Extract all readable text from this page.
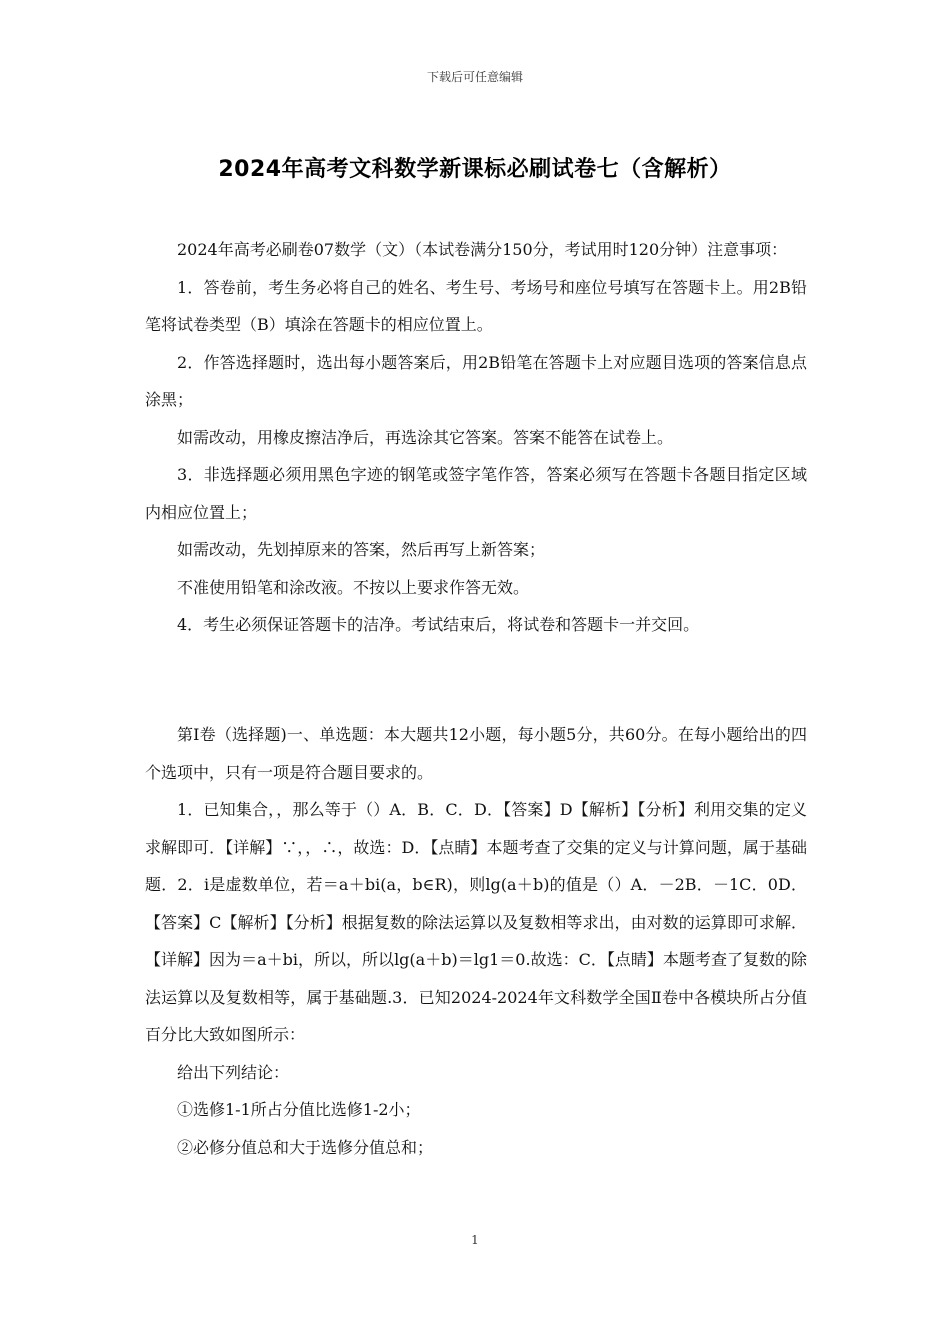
下载后可任意编辑
2024年高考文科数学新课标必刷试卷七（含解析）

2024年高考必刷卷07数学（文）（本试卷满分150分，考试用时120分钟）注意事项：

1．答卷前，考生务必将自己的姓名、考生号、考场号和座位号填写在答题卡上。用2B铅笔将试卷类型（B）填涂在答题卡的相应位置上。

2．作答选择题时，选出每小题答案后，用2B铅笔在答题卡上对应题目选项的答案信息点涂黑；

如需改动，用橡皮擦洁净后，再选涂其它答案。答案不能答在试卷上。

3．非选择题必须用黑色字迹的钢笔或签字笔作答，答案必须写在答题卡各题目指定区域内相应位置上；

如需改动，先划掉原来的答案，然后再写上新答案；

不准使用铅笔和涂改液。不按以上要求作答无效。

4．考生必须保证答题卡的洁净。考试结束后，将试卷和答题卡一并交回。

第Ⅰ卷（选择题)一、单选题：本大题共12小题，每小题5分，共60分。在每小题给出的四个选项中，只有一项是符合题目要求的。

1．已知集合，，那么等于（）A．B．C．D．【答案】D【解析】【分析】利用交集的定义求解即可．【详解】∵，，∴，故选：D．【点睛】本题考查了交集的定义与计算问题，属于基础题．2．i是虚数单位，若＝a＋bi(a，b∈R)，则lg(a＋b)的值是（）A．－2B．－1C．0D．【答案】C【解析】【分析】根据复数的除法运算以及复数相等求出，由对数的运算即可求解．【详解】因为＝a＋bi，所以，所以lg(a＋b)＝lg1＝0.故选：C．【点睛】本题考查了复数的除法运算以及复数相等，属于基础题.3．已知2024-2024年文科数学全国Ⅱ卷中各模块所占分值百分比大致如图所示：

给出下列结论：

①选修1-1所占分值比选修1-2小；

②必修分值总和大于选修分值总和；

1
